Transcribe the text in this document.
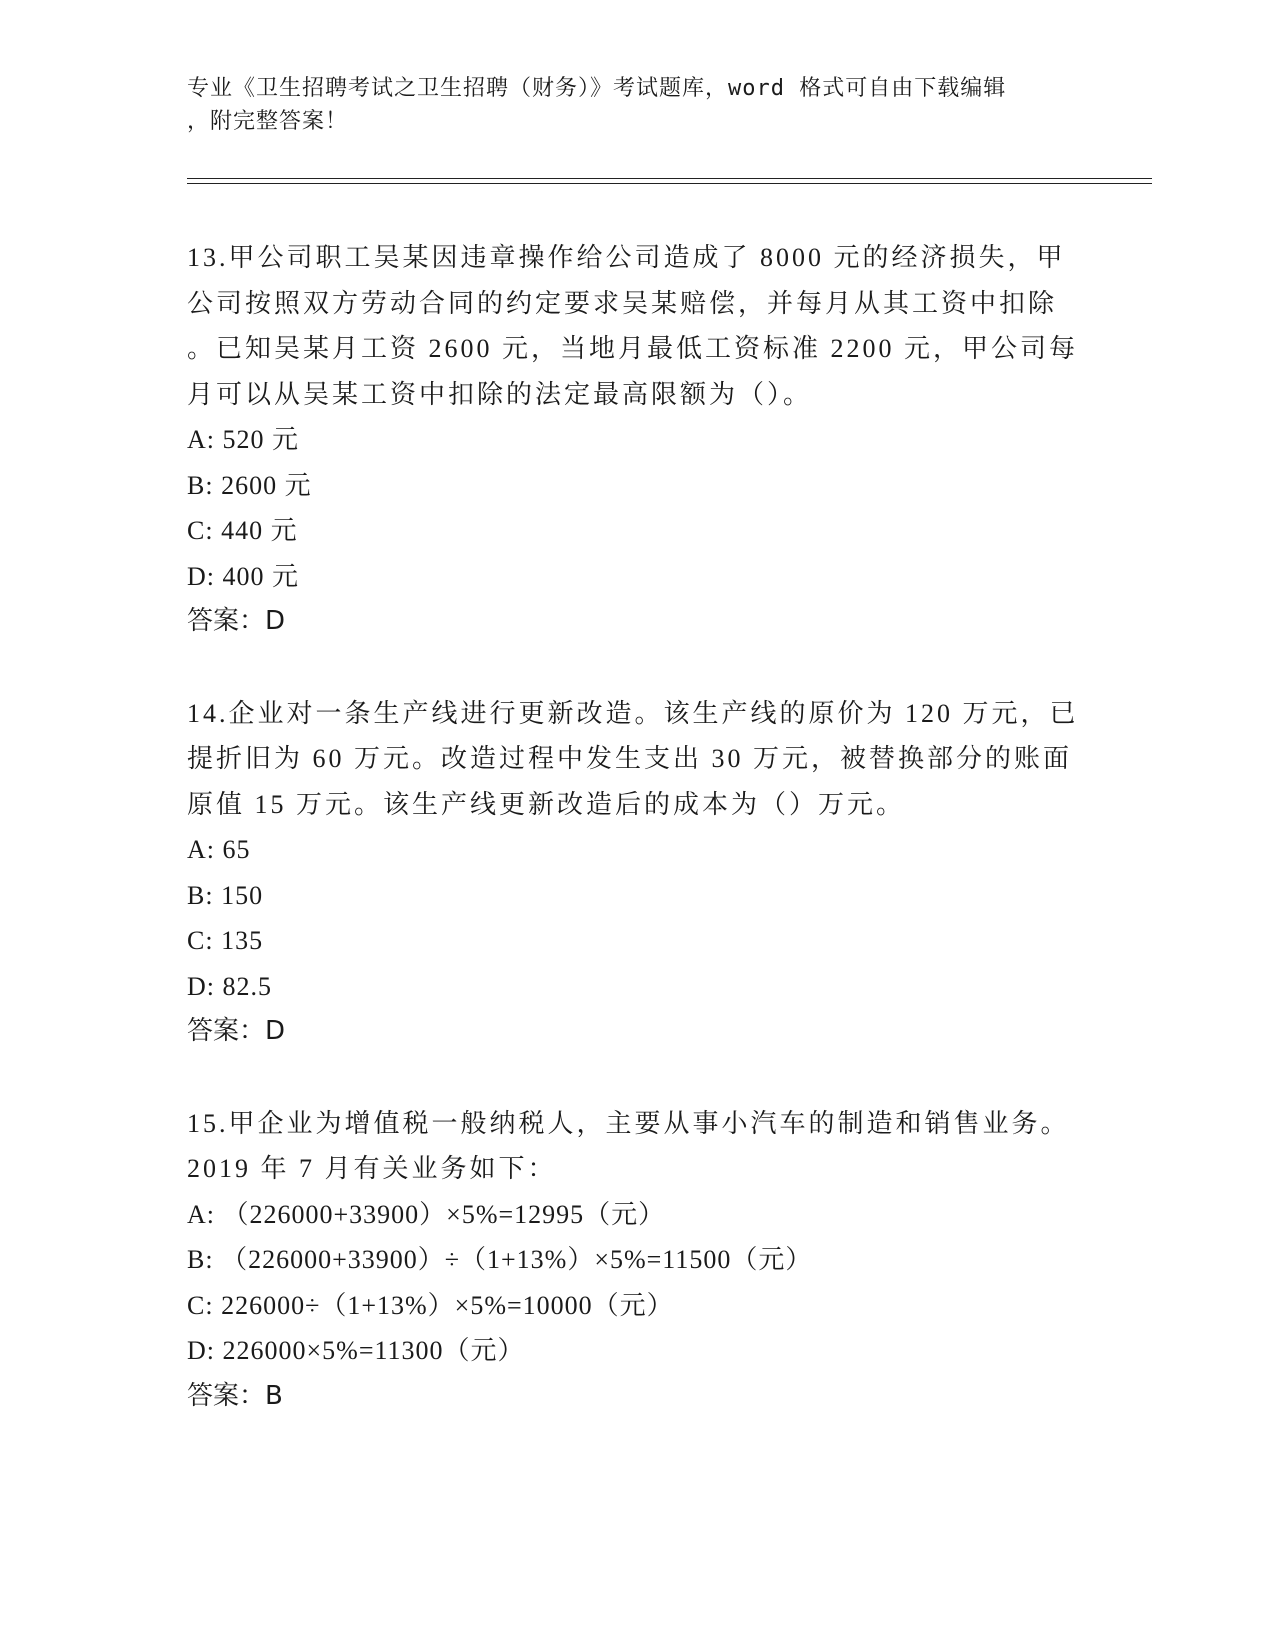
专业《卫生招聘考试之卫生招聘（财务）》考试题库，word 格式可自由下载编辑
，附完整答案！
13.甲公司职工吴某因违章操作给公司造成了 8000 元的经济损失，甲
公司按照双方劳动合同的约定要求吴某赔偿，并每月从其工资中扣除
。已知吴某月工资 2600 元，当地月最低工资标准 2200 元，甲公司每
月可以从吴某工资中扣除的法定最高限额为（）。
A: 520 元
B: 2600 元
C: 440 元
D: 400 元
答案：D
14.企业对一条生产线进行更新改造。该生产线的原价为 120 万元，已
提折旧为 60 万元。改造过程中发生支出 30 万元，被替换部分的账面
原值 15 万元。该生产线更新改造后的成本为（）万元。
A: 65
B: 150
C: 135
D: 82.5
答案：D
15.甲企业为增值税一般纳税人，主要从事小汽车的制造和销售业务。
2019 年 7 月有关业务如下：
A: （226000+33900）×5%=12995（元）
B: （226000+33900）÷（1+13%）×5%=11500（元）
C: 226000÷（1+13%）×5%=10000（元）
D: 226000×5%=11300（元）
答案：B
